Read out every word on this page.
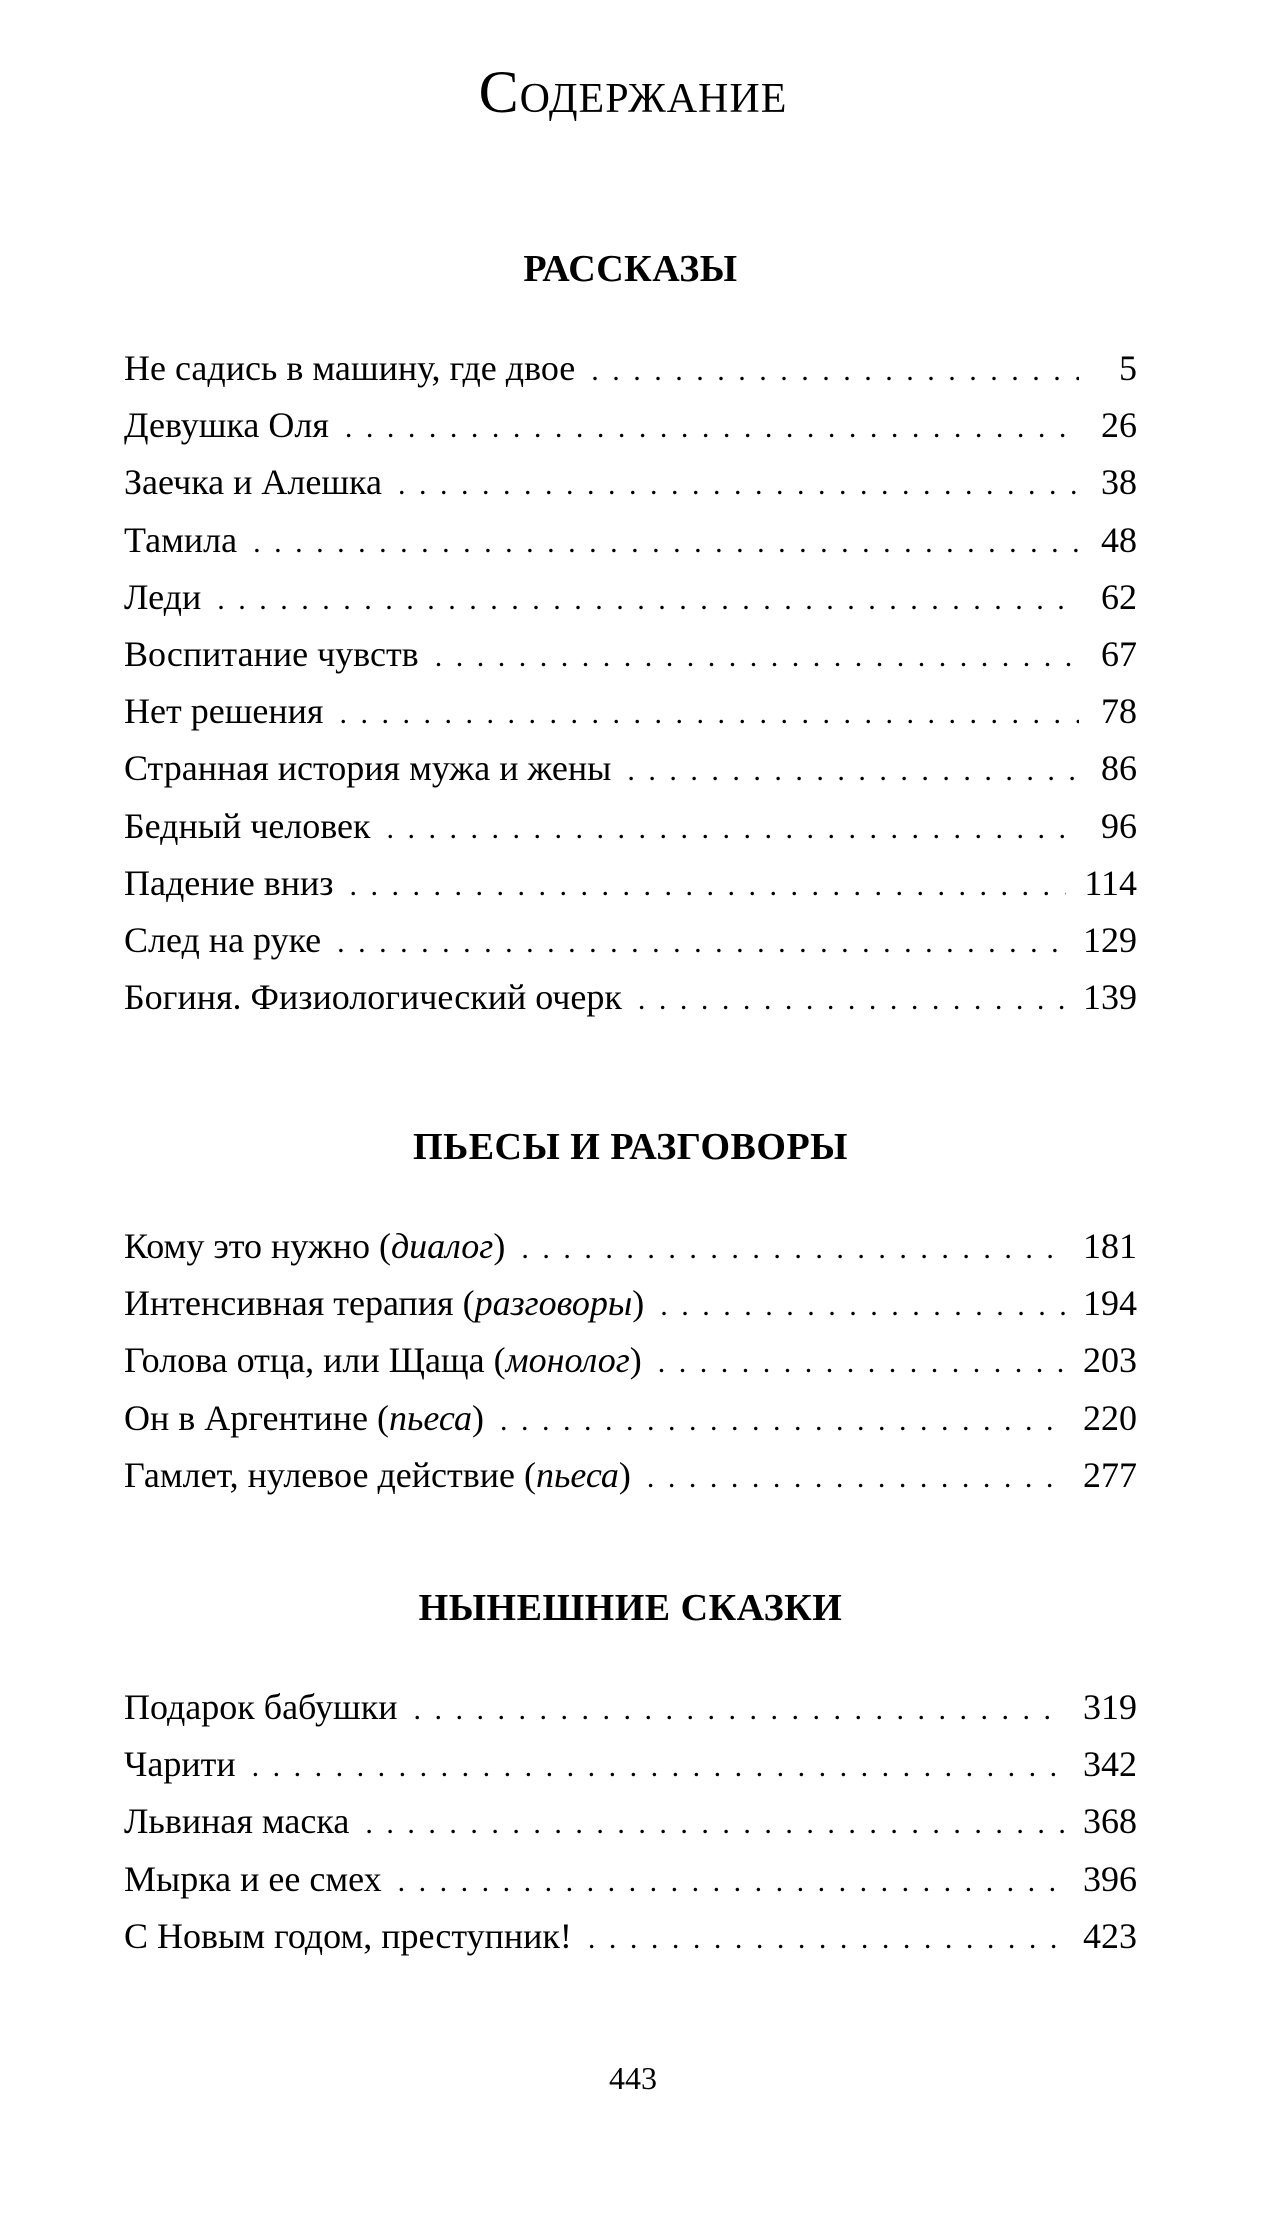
Содержание
РАССКАЗЫ
Не садись в машину, где двое . . .	5
Девушка Оля . . .	26
Заечка и Алешка . . .	38
Тамила . . .	48
Леди . . .	62
Воспитание чувств . . .	67
Нет решения . . .	78
Странная история мужа и жены . . .	86
Бедный человек . . .	96
Падение вниз . . .	114
След на руке . . .	129
Богиня. Физиологический очерк . . .	139
ПЬЕСЫ И РАЗГОВОРЫ
Кому это нужно (диалог) . . .	181
Интенсивная терапия (разговоры) . . .	194
Голова отца, или Щаща (монолог) . . .	203
Он в Аргентине (пьеса) . . .	220
Гамлет, нулевое действие (пьеса) . . .	277
НЫНЕШНИЕ СКАЗКИ
Подарок бабушки . . .	319
Чарити . . .	342
Львиная маска . . .	368
Мырка и ее смех . . .	396
С Новым годом, преступник! . . .	423
443
